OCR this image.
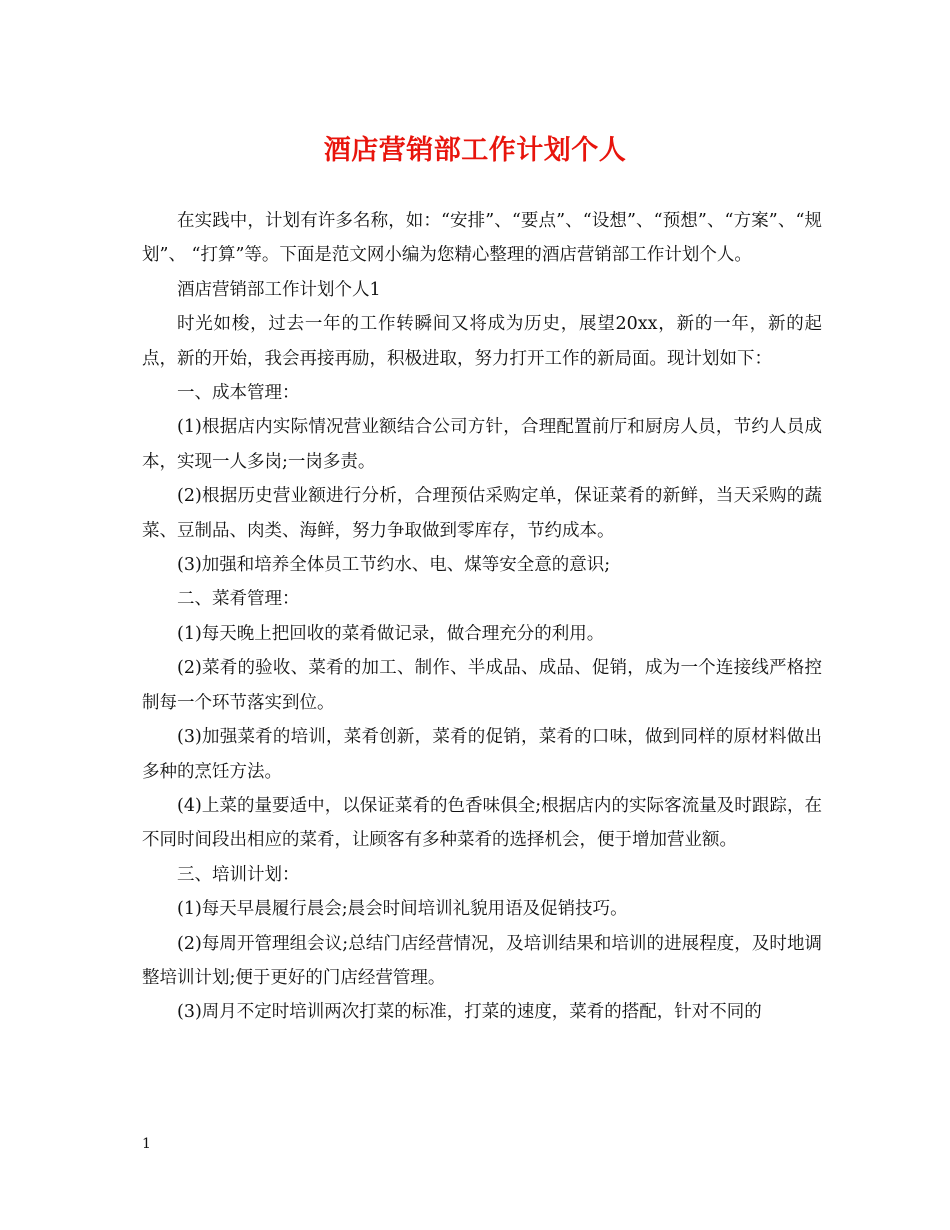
酒店营销部工作计划个人

在实践中，计划有许多名称，如：“安排”、“要点”、“设想”、“预想”、“方案”、“规划”、 “打算”等。下面是范文网小编为您精心整理的酒店营销部工作计划个人。

酒店营销部工作计划个人1

时光如梭，过去一年的工作转瞬间又将成为历史，展望20xx，新的一年，新的起点，新的开始，我会再接再励，积极进取，努力打开工作的新局面。现计划如下：

一、成本管理：

(1)根据店内实际情况营业额结合公司方针，合理配置前厅和厨房人员，节约人员成本，实现一人多岗;一岗多责。

(2)根据历史营业额进行分析，合理预估采购定单，保证菜肴的新鲜，当天采购的蔬菜、豆制品、肉类、海鲜，努力争取做到零库存，节约成本。

(3)加强和培养全体员工节约水、电、煤等安全意的意识;

二、菜肴管理：

(1)每天晚上把回收的菜肴做记录，做合理充分的利用。

(2)菜肴的验收、菜肴的加工、制作、半成品、成品、促销，成为一个连接线严格控制每一个环节落实到位。

(3)加强菜肴的培训，菜肴创新，菜肴的促销，菜肴的口味，做到同样的原材料做出多种的烹饪方法。

(4)上菜的量要适中，以保证菜肴的色香味俱全;根据店内的实际客流量及时跟踪，在不同时间段出相应的菜肴，让顾客有多种菜肴的选择机会，便于增加营业额。

三、培训计划：

(1)每天早晨履行晨会;晨会时间培训礼貌用语及促销技巧。

(2)每周开管理组会议;总结门店经营情况，及培训结果和培训的进展程度，及时地调整培训计划;便于更好的门店经营管理。

(3)周月不定时培训两次打菜的标准，打菜的速度，菜肴的搭配，针对不同的

1
